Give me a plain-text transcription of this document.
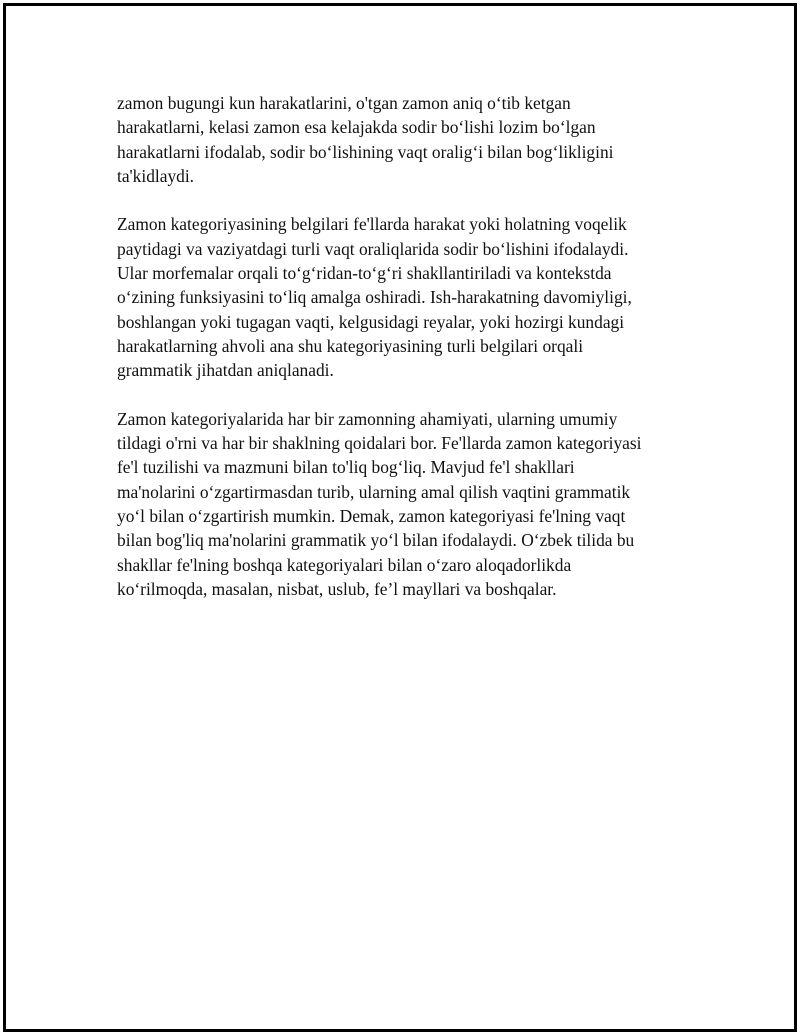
zamon bugungi kun harakatlarini, o'tgan zamon aniq o‘tib ketgan
harakatlarni, kelasi zamon esa kelajakda sodir bo‘lishi lozim bo‘lgan
harakatlarni ifodalab, sodir bo‘lishining vaqt oralig‘i bilan bog‘likligini
ta'kidlaydi.

Zamon kategoriyasining belgilari fe'llarda harakat yoki holatning voqelik
paytidagi va vaziyatdagi turli vaqt oraliqlarida sodir bo‘lishini ifodalaydi.
Ular morfemalar orqali to‘g‘ridan-to‘g‘ri shakllantiriladi va kontekstda
o‘zining funksiyasini to‘liq amalga oshiradi. Ish-harakatning davomiyligi,
boshlangan yoki tugagan vaqti, kelgusidagi reyalar, yoki hozirgi kundagi
harakatlarning ahvoli ana shu kategoriyasining turli belgilari orqali
grammatik jihatdan aniqlanadi.

Zamon kategoriyalarida har bir zamonning ahamiyati, ularning umumiy
tildagi o'rni va har bir shaklning qoidalari bor. Fe'llarda zamon kategoriyasi
fe'l tuzilishi va mazmuni bilan to'liq bog‘liq. Mavjud fe'l shakllari
ma'nolarini o‘zgartirmasdan turib, ularning amal qilish vaqtini grammatik
yo‘l bilan o‘zgartirish mumkin. Demak, zamon kategoriyasi fe'lning vaqt
bilan bog'liq ma'nolarini grammatik yo‘l bilan ifodalaydi. O‘zbek tilida bu
shakllar fe'lning boshqa kategoriyalari bilan o‘zaro aloqadorlikda
ko‘rilmoqda, masalan, nisbat, uslub, fe’l mayllari va boshqalar.
